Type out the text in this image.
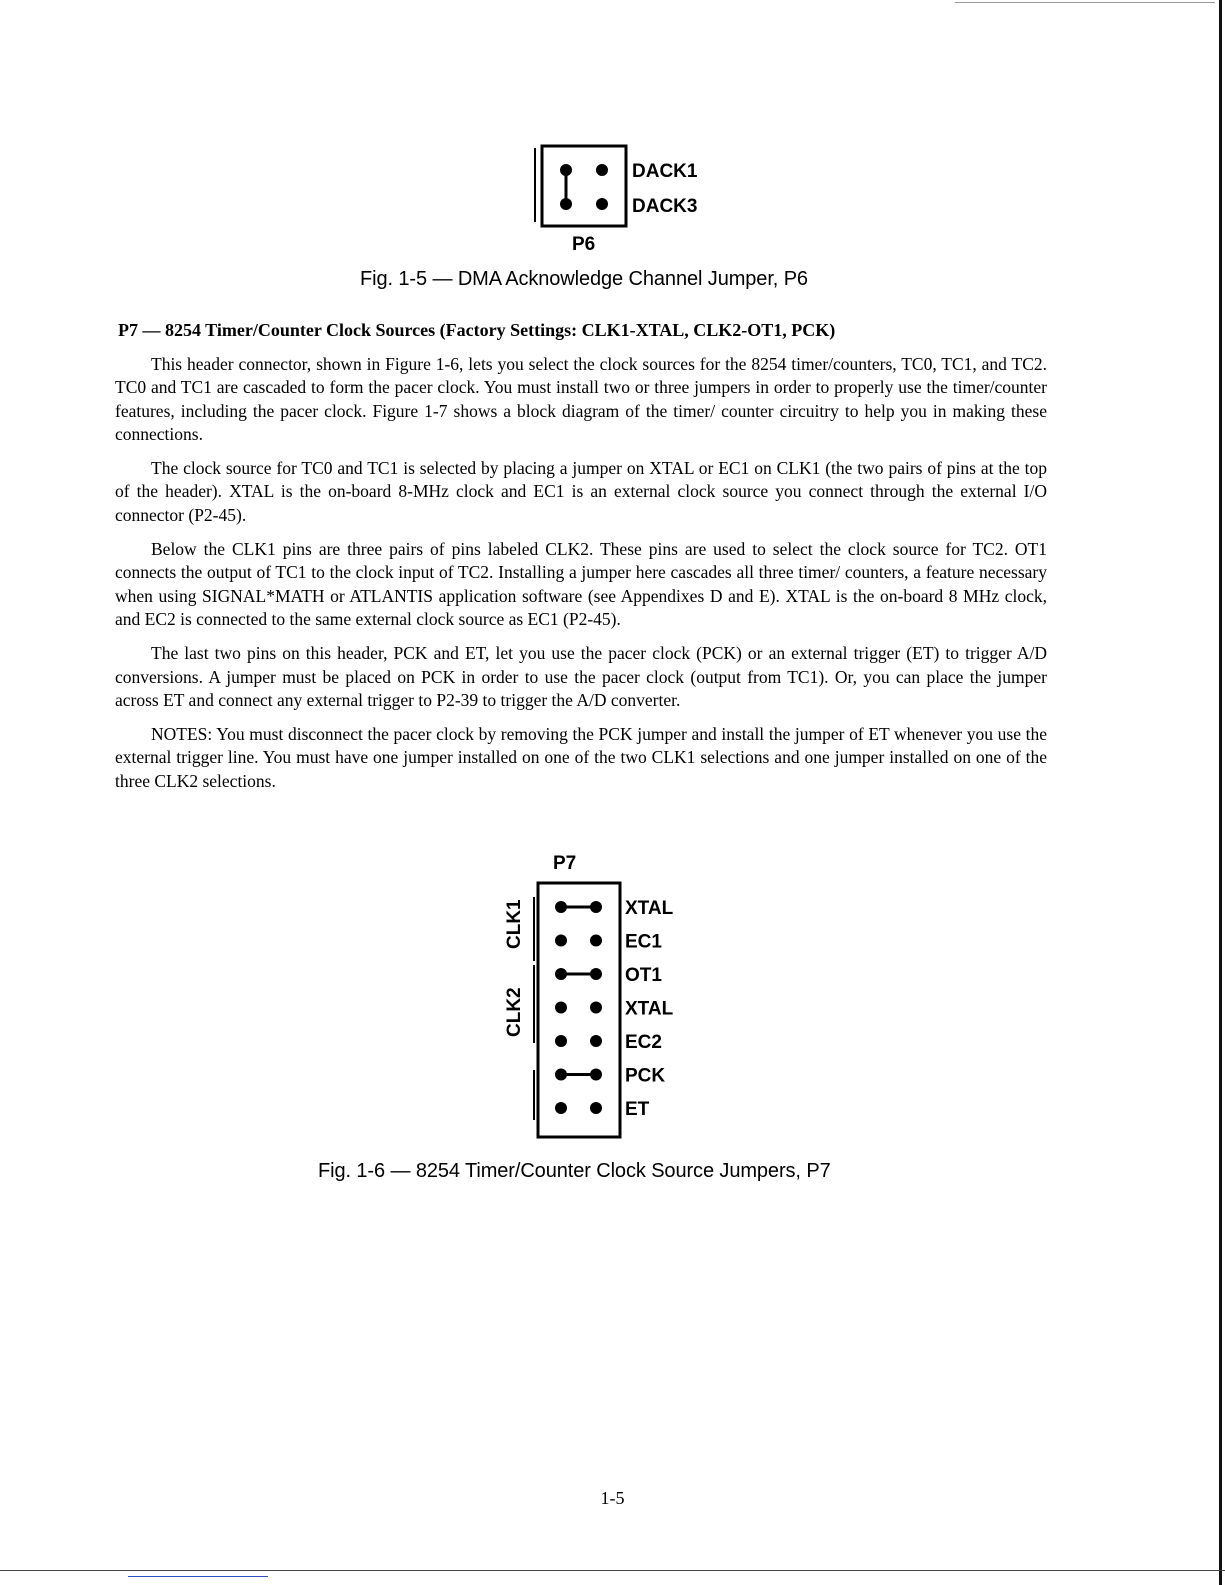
DACK1
DACK3
P6
Fig. 1-5 — DMA Acknowledge Channel Jumper, P6
P7 — 8254 Timer/Counter Clock Sources (Factory Settings: CLK1-XTAL, CLK2-OT1, PCK)

This header connector, shown in Figure 1-6, lets you select the clock sources for the 8254 timer/counters, TC0, TC1, and TC2. TC0 and TC1 are cascaded to form the pacer clock. You must install two or three jumpers in order to properly use the timer/counter features, including the pacer clock. Figure 1-7 shows a block diagram of the timer/ counter circuitry to help you in making these connections.

The clock source for TC0 and TC1 is selected by placing a jumper on XTAL or EC1 on CLK1 (the two pairs of pins at the top of the header). XTAL is the on-board 8-MHz clock and EC1 is an external clock source you connect through the external I/O connector (P2-45).

Below the CLK1 pins are three pairs of pins labeled CLK2. These pins are used to select the clock source for TC2. OT1 connects the output of TC1 to the clock input of TC2. Installing a jumper here cascades all three timer/ counters, a feature necessary when using SIGNAL*MATH or ATLANTIS application software (see Appendixes D and E). XTAL is the on-board 8 MHz clock, and EC2 is connected to the same external clock source as EC1 (P2-45).

The last two pins on this header, PCK and ET, let you use the pacer clock (PCK) or an external trigger (ET) to trigger A/D conversions. A jumper must be placed on PCK in order to use the pacer clock (output from TC1). Or, you can place the jumper across ET and connect any external trigger to P2-39 to trigger the A/D converter.

NOTES: You must disconnect the pacer clock by removing the PCK jumper and install the jumper of ET whenever you use the external trigger line. You must have one jumper installed on one of the two CLK1 selections and one jumper installed on one of the three CLK2 selections.

P7
CLK1
CLK2
XTAL
EC1
OT1
XTAL
EC2
PCK
ET
Fig. 1-6 — 8254 Timer/Counter Clock Source Jumpers, P7
1-5
